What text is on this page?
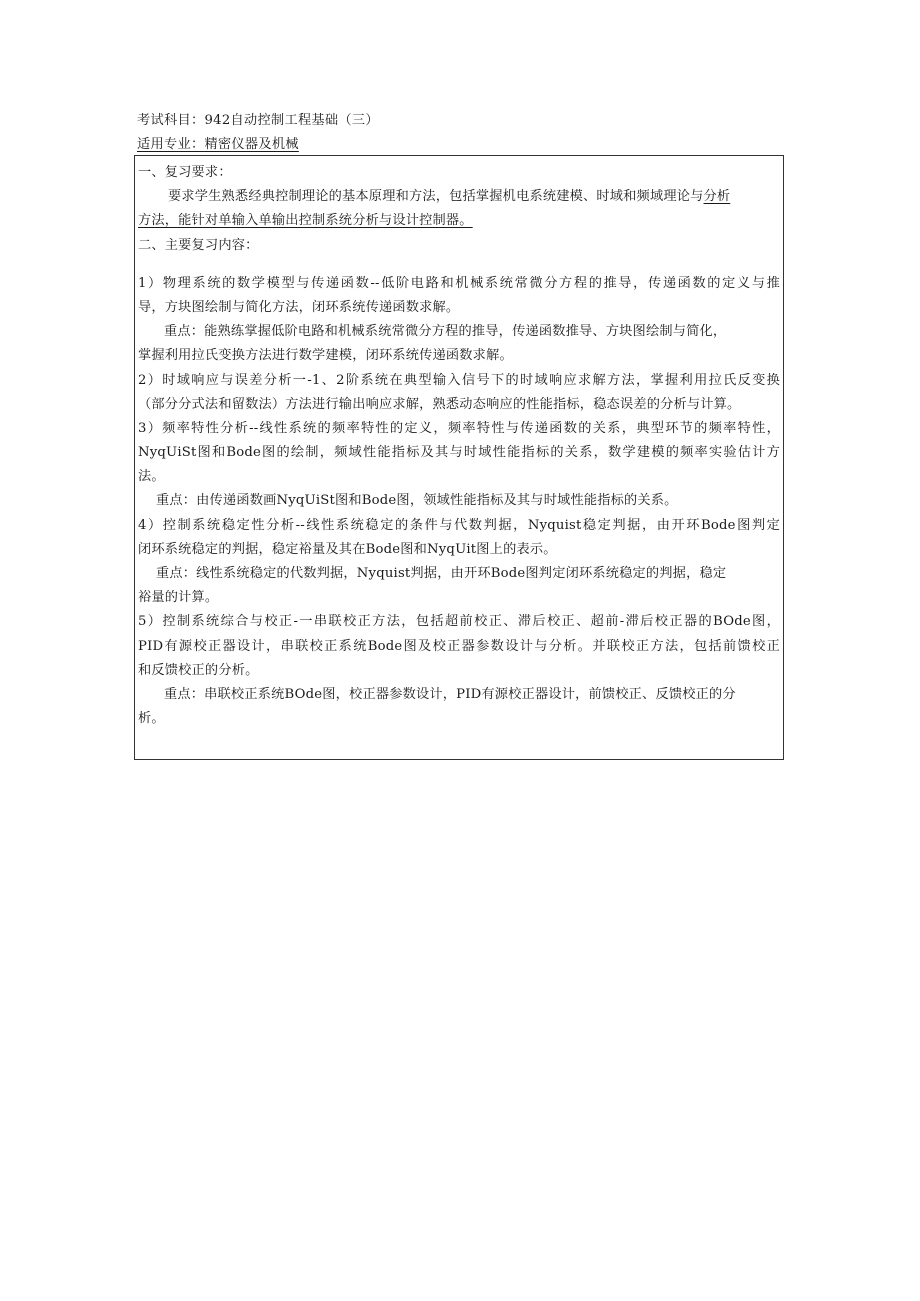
考试科目：942自动控制工程基础（三）
适用专业：精密仪器及机械
一、复习要求：
要求学生熟悉经典控制理论的基本原理和方法，包括掌握机电系统建模、时域和频域理论与分析
方法，能针对单输入单输出控制系统分析与设计控制器。
二、主要复习内容：
1）物理系统的数学模型与传递函数--低阶电路和机械系统常微分方程的推导，传递函数的定义与推
导，方块图绘制与简化方法，闭环系统传递函数求解。
重点：能熟练掌握低阶电路和机械系统常微分方程的推导，传递函数推导、方块图绘制与简化，
掌握利用拉氏变换方法进行数学建模，闭环系统传递函数求解。
2）时域响应与误差分析一-1、2阶系统在典型输入信号下的时域响应求解方法，掌握利用拉氏反变换
（部分分式法和留数法）方法进行输出响应求解，熟悉动态响应的性能指标，稳态误差的分析与计算。
3）频率特性分析--线性系统的频率特性的定义，频率特性与传递函数的关系，典型环节的频率特性，
NyqUiSt图和Bode图的绘制，频域性能指标及其与时域性能指标的关系，数学建模的频率实验估计方
法。
重点：由传递函数画NyqUiSt图和Bode图，领域性能指标及其与时域性能指标的关系。
4）控制系统稳定性分析--线性系统稳定的条件与代数判据，Nyquist稳定判据，由开环Bode图判定
闭环系统稳定的判据，稳定裕量及其在Bode图和NyqUit图上的表示。
重点：线性系统稳定的代数判据，Nyquist判据，由开环Bode图判定闭环系统稳定的判据，稳定
裕量的计算。
5）控制系统综合与校正-一串联校正方法，包括超前校正、滞后校正、超前-滞后校正器的BOde图，
PID有源校正器设计，串联校正系统Bode图及校正器参数设计与分析。并联校正方法，包括前馈校正
和反馈校正的分析。
重点：串联校正系统BOde图，校正器参数设计，PID有源校正器设计，前馈校正、反馈校正的分
析。
